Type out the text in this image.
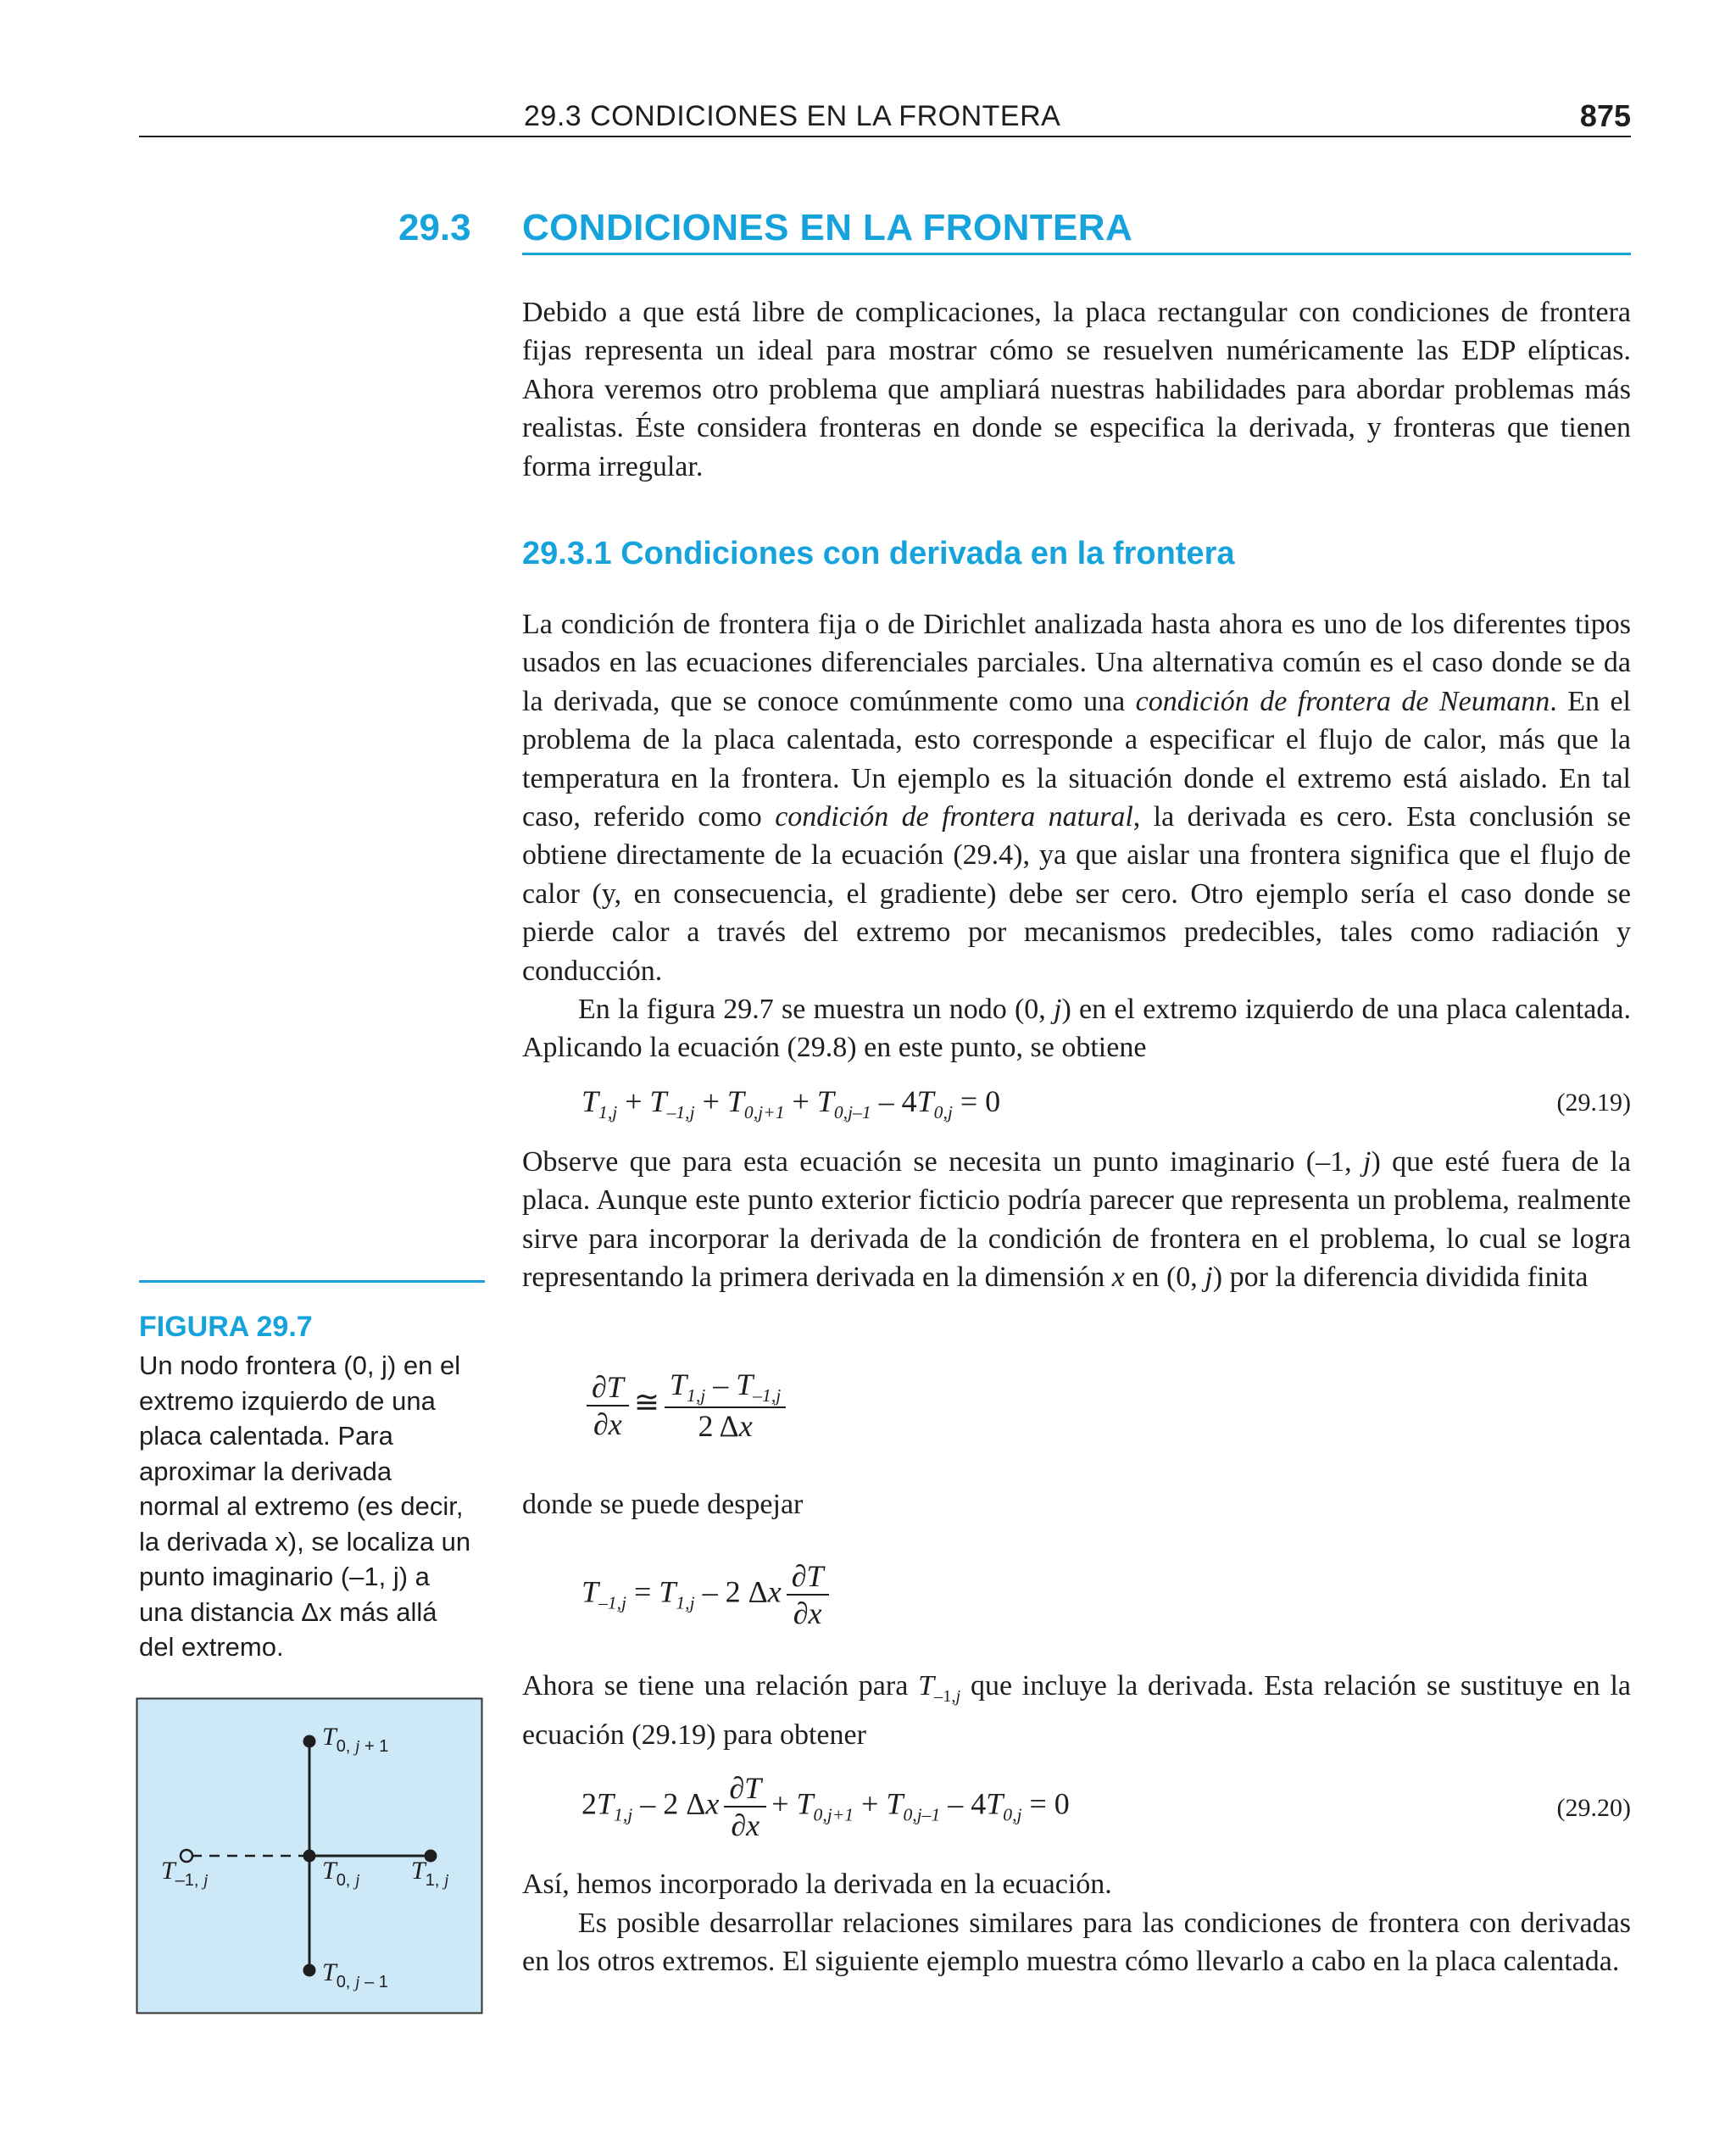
29.3 CONDICIONES EN LA FRONTERA	875
29.3 CONDICIONES EN LA FRONTERA

Debido a que está libre de complicaciones, la placa rectangular con condiciones de frontera fijas representa un ideal para mostrar cómo se resuelven numéricamente las EDP elípticas. Ahora veremos otro problema que ampliará nuestras habilidades para abordar problemas más realistas. Éste considera fronteras en donde se especifica la derivada, y fronteras que tienen forma irregular.

29.3.1 Condiciones con derivada en la frontera

La condición de frontera fija o de Dirichlet analizada hasta ahora es uno de los diferentes tipos usados en las ecuaciones diferenciales parciales. Una alternativa común es el caso donde se da la derivada, que se conoce comúnmente como una condición de frontera de Neumann. En el problema de la placa calentada, esto corresponde a especificar el flujo de calor, más que la temperatura en la frontera. Un ejemplo es la situación donde el extremo está aislado. En tal caso, referido como condición de frontera natural, la derivada es cero. Esta conclusión se obtiene directamente de la ecuación (29.4), ya que aislar una frontera significa que el flujo de calor (y, en consecuencia, el gradiente) debe ser cero. Otro ejemplo sería el caso donde se pierde calor a través del extremo por mecanismos predecibles, tales como radiación y conducción.

En la figura 29.7 se muestra un nodo (0, j) en el extremo izquierdo de una placa calentada. Aplicando la ecuación (29.8) en este punto, se obtiene

$T_{1,j} + T_{-1,j} + T_{0,j+1} + T_{0,j-1} - 4T_{0,j} = 0$	(29.19)

Observe que para esta ecuación se necesita un punto imaginario (–1, j) que esté fuera de la placa. Aunque este punto exterior ficticio podría parecer que representa un problema, realmente sirve para incorporar la derivada de la condición de frontera en el problema, lo cual se logra representando la primera derivada en la dimensión x en (0, j) por la diferencia dividida finita

$\frac{\partial T}{\partial x}$ ≅ $\frac{T_{1,j} - T_{-1,j}}{2 \Delta x}$

donde se puede despejar

$T_{-1,j} = T_{1,j} - 2$ Δx $\frac{\partial T}{\partial x}$

Ahora se tiene una relación para $T_{-1,j}$ que incluye la derivada. Esta relación se sustituye en la ecuación (29.19) para obtener

$2T_{1,j} - 2$ Δx $\frac{\partial T}{\partial x} + T_{0,j+1} + T_{0,j-1} - 4T_{0,j} = 0$	(29.20)

Así, hemos incorporado la derivada en la ecuación.

Es posible desarrollar relaciones similares para las condiciones de frontera con derivadas en los otros extremos. El siguiente ejemplo muestra cómo llevarlo a cabo en la placa calentada.

FIGURA 29.7
Un nodo frontera (0, j) en el extremo izquierdo de una placa calentada. Para aproximar la derivada normal al extremo (es decir, la derivada x), se localiza un punto imaginario (–1, j) a una distancia Δx más allá del extremo.
$T_{0,}$ j + 1
$T_{0,}$ j $T_{1,}$ j
$T_{-1,}$ j
$T_{0,}$ j – 1
